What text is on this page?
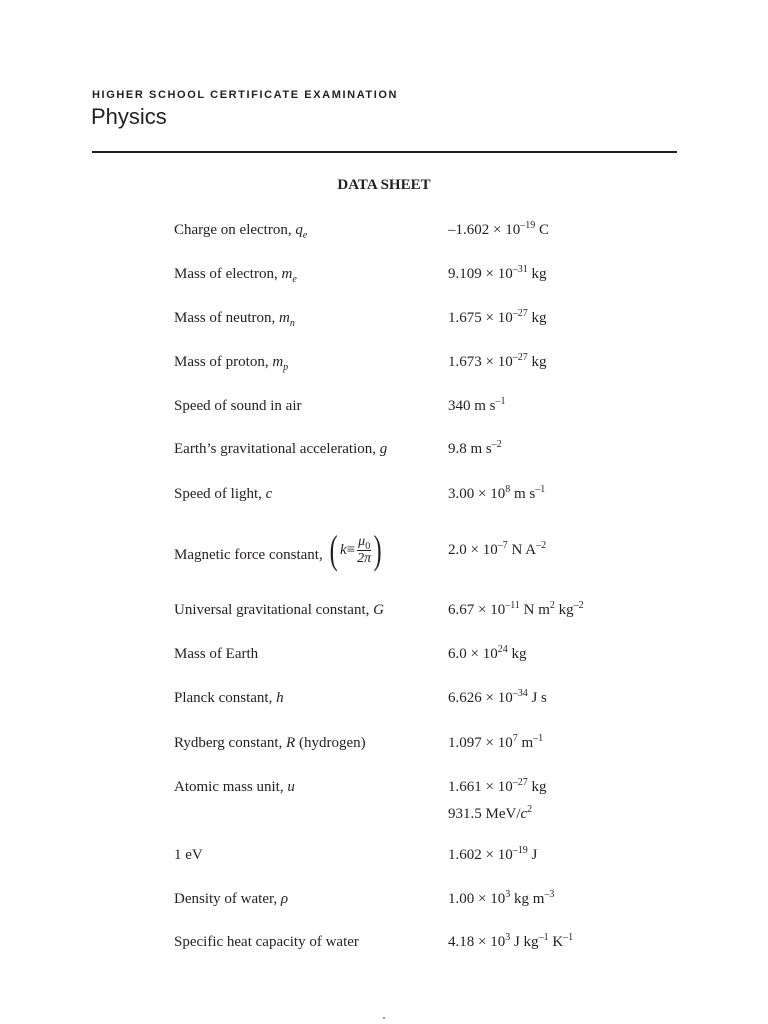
HIGHER SCHOOL CERTIFICATE EXAMINATION
Physics
DATA SHEET
Charge on electron, $q_e$	$-1.602 \times 10^{-19}$ C
Mass of electron, $m_e$	$9.109 \times 10^{-31}$ kg
Mass of neutron, $m_n$	$1.675 \times 10^{-27}$ kg
Mass of proton, $m_p$	$1.673 \times 10^{-27}$ kg
Speed of sound in air	340 m $s^{-1}$
Earth’s gravitational acceleration, g	9.8 m $s^{-2}$
Speed of light, c	$3.00 \times 10^8$ m $s^{-1}$
Magnetic force constant, ( $k \equiv \frac{\mu_0}{2\pi}$ )	$2.0 \times 10^{-7}$ N $A^{-2}$
Universal gravitational constant, G	$6.67 \times 10^{-11}$ N $m^2$ $kg^{-2}$
Mass of Earth	$6.0 \times 10^{24}$ kg
Planck constant, h	$6.626 \times 10^{-34}$ J s
Rydberg constant, R (hydrogen)	$1.097 \times 10^7$ $m^{-1}$
Atomic mass unit, u	$1.661 \times 10^{-27}$ kg
931.5 MeV/$c^2$
1 eV	$1.602 \times 10^{-19}$ J
Density of water, ρ	$1.00 \times 10^3$ kg $m^{-3}$
Specific heat capacity of water	$4.18 \times 10^3$ J $kg^{-1}$ $K^{-1}$
